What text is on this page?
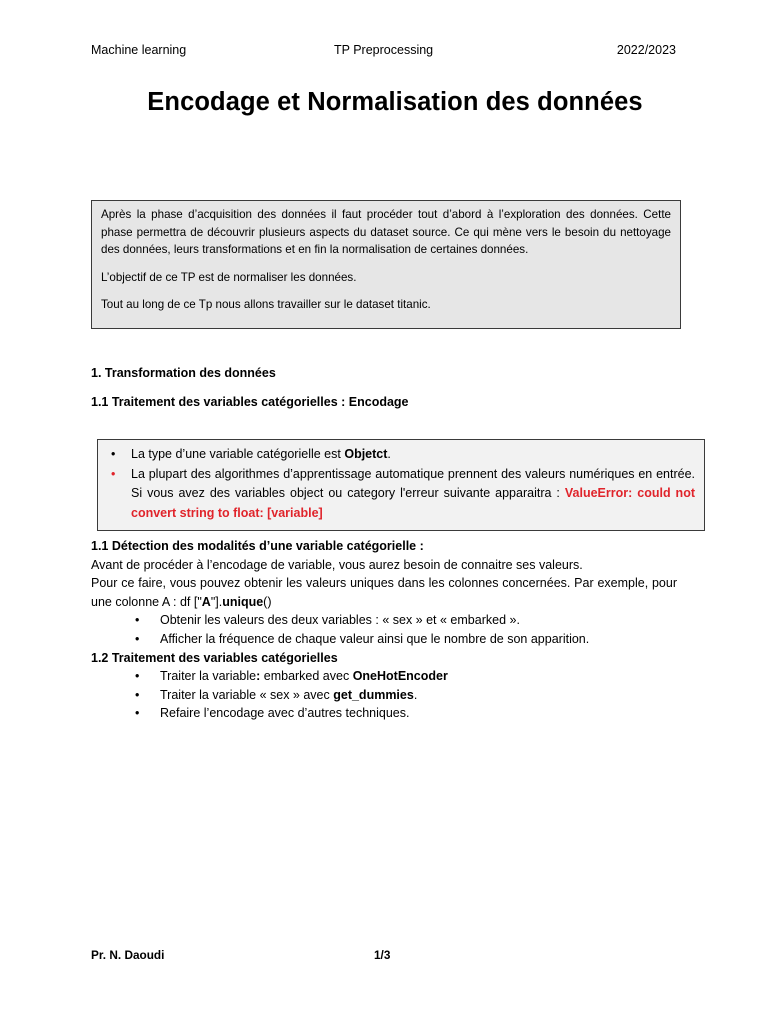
Machine learning	TP Preprocessing	2022/2023
Encodage et Normalisation des données

Après la phase d’acquisition des données il faut procéder tout d’abord à l’exploration des données. Cette phase permettra de découvrir plusieurs aspects du dataset source. Ce qui mène vers le besoin du nettoyage des données, leurs transformations et en fin la normalisation de certaines données.

L’objectif de ce TP est de normaliser les données.

Tout au long de ce Tp nous allons travailler sur le dataset titanic.

1. Transformation des données
1.1 Traitement des variables catégorielles : Encodage
• La type d’une variable catégorielle est Objetct.
• La plupart des algorithmes d’apprentissage automatique prennent des valeurs numériques en entrée. Si vous avez des variables object ou category l'erreur suivante apparaitra : ValueError: could not convert string to float: [variable]

1.1 Détection des modalités d’une variable catégorielle :

Avant de procéder à l’encodage de variable, vous aurez besoin de connaitre ses valeurs.

Pour ce faire, vous pouvez obtenir les valeurs uniques dans les colonnes concernées. Par exemple, pour une colonne A : df ["A"].unique()

• Obtenir les valeurs des deux variables : « sex » et « embarked ».
• Afficher la fréquence de chaque valeur ainsi que le nombre de son apparition.

1.2 Traitement des variables catégorielles

• Traiter la variable: embarked avec OneHotEncoder
• Traiter la variable « sex » avec get_dummies.
• Refaire l’encodage avec d’autres techniques.
Pr. N. Daoudi	1/3
